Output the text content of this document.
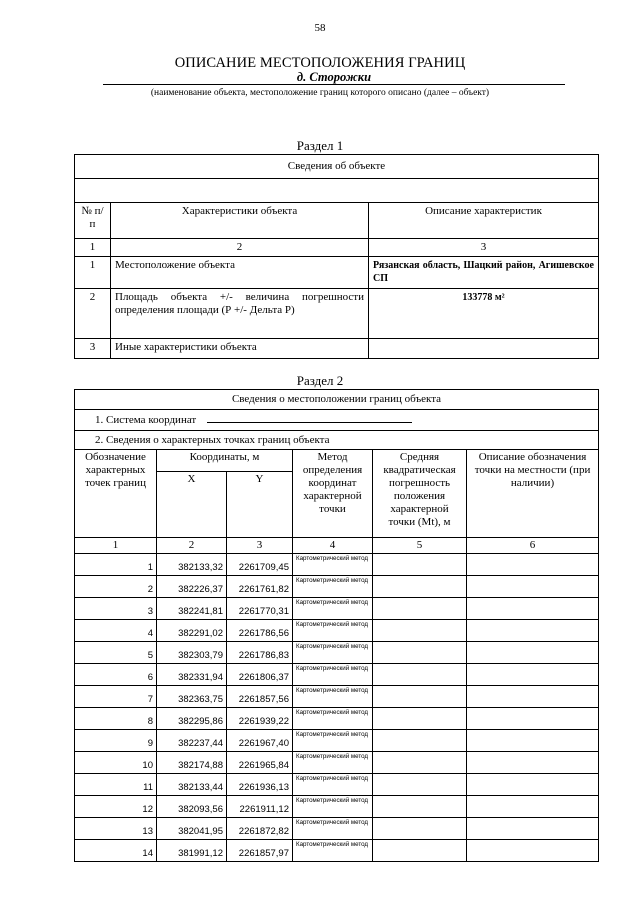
58
ОПИСАНИЕ МЕСТОПОЛОЖЕНИЯ ГРАНИЦ
д. Сторожки
(наименование объекта, местоположение границ которого описано (далее – объект)
Раздел 1
Сведения об объекте		

№ п/п	Характеристики объекта	Описание характеристик
1	2	3
1	Местоположение объекта	Рязанская область, Шацкий район, Агишевское СП
2	Площадь объекта +/- величина погрешности определения площади (Р +/- Дельта Р)	133778 м²
3	Иные характеристики объекта	
Раздел 2
Сведения о местоположении границ объекта					
1. Система координат					
2. Сведения о характерных точках границ объекта					
Обозначение характерных точек границ	Координаты, м		Метод определения координат характерной точки	Средняя квадратическая погрешность положения характерной точки (Mt), м	Описание обозначения точки на местности (при наличии)
	X	Y			
1	2	3	4	5	6
1	382133,32	2261709,45	Картометрический метод		
2	382226,37	2261761,82	Картометрический метод		
3	382241,81	2261770,31	Картометрический метод		
4	382291,02	2261786,56	Картометрический метод		
5	382303,79	2261786,83	Картометрический метод		
6	382331,94	2261806,37	Картометрический метод		
7	382363,75	2261857,56	Картометрический метод		
8	382295,86	2261939,22	Картометрический метод		
9	382237,44	2261967,40	Картометрический метод		
10	382174,88	2261965,84	Картометрический метод		
11	382133,44	2261936,13	Картометрический метод		
12	382093,56	2261911,12	Картометрический метод		
13	382041,95	2261872,82	Картометрический метод		
14	381991,12	2261857,97	Картометрический метод		
